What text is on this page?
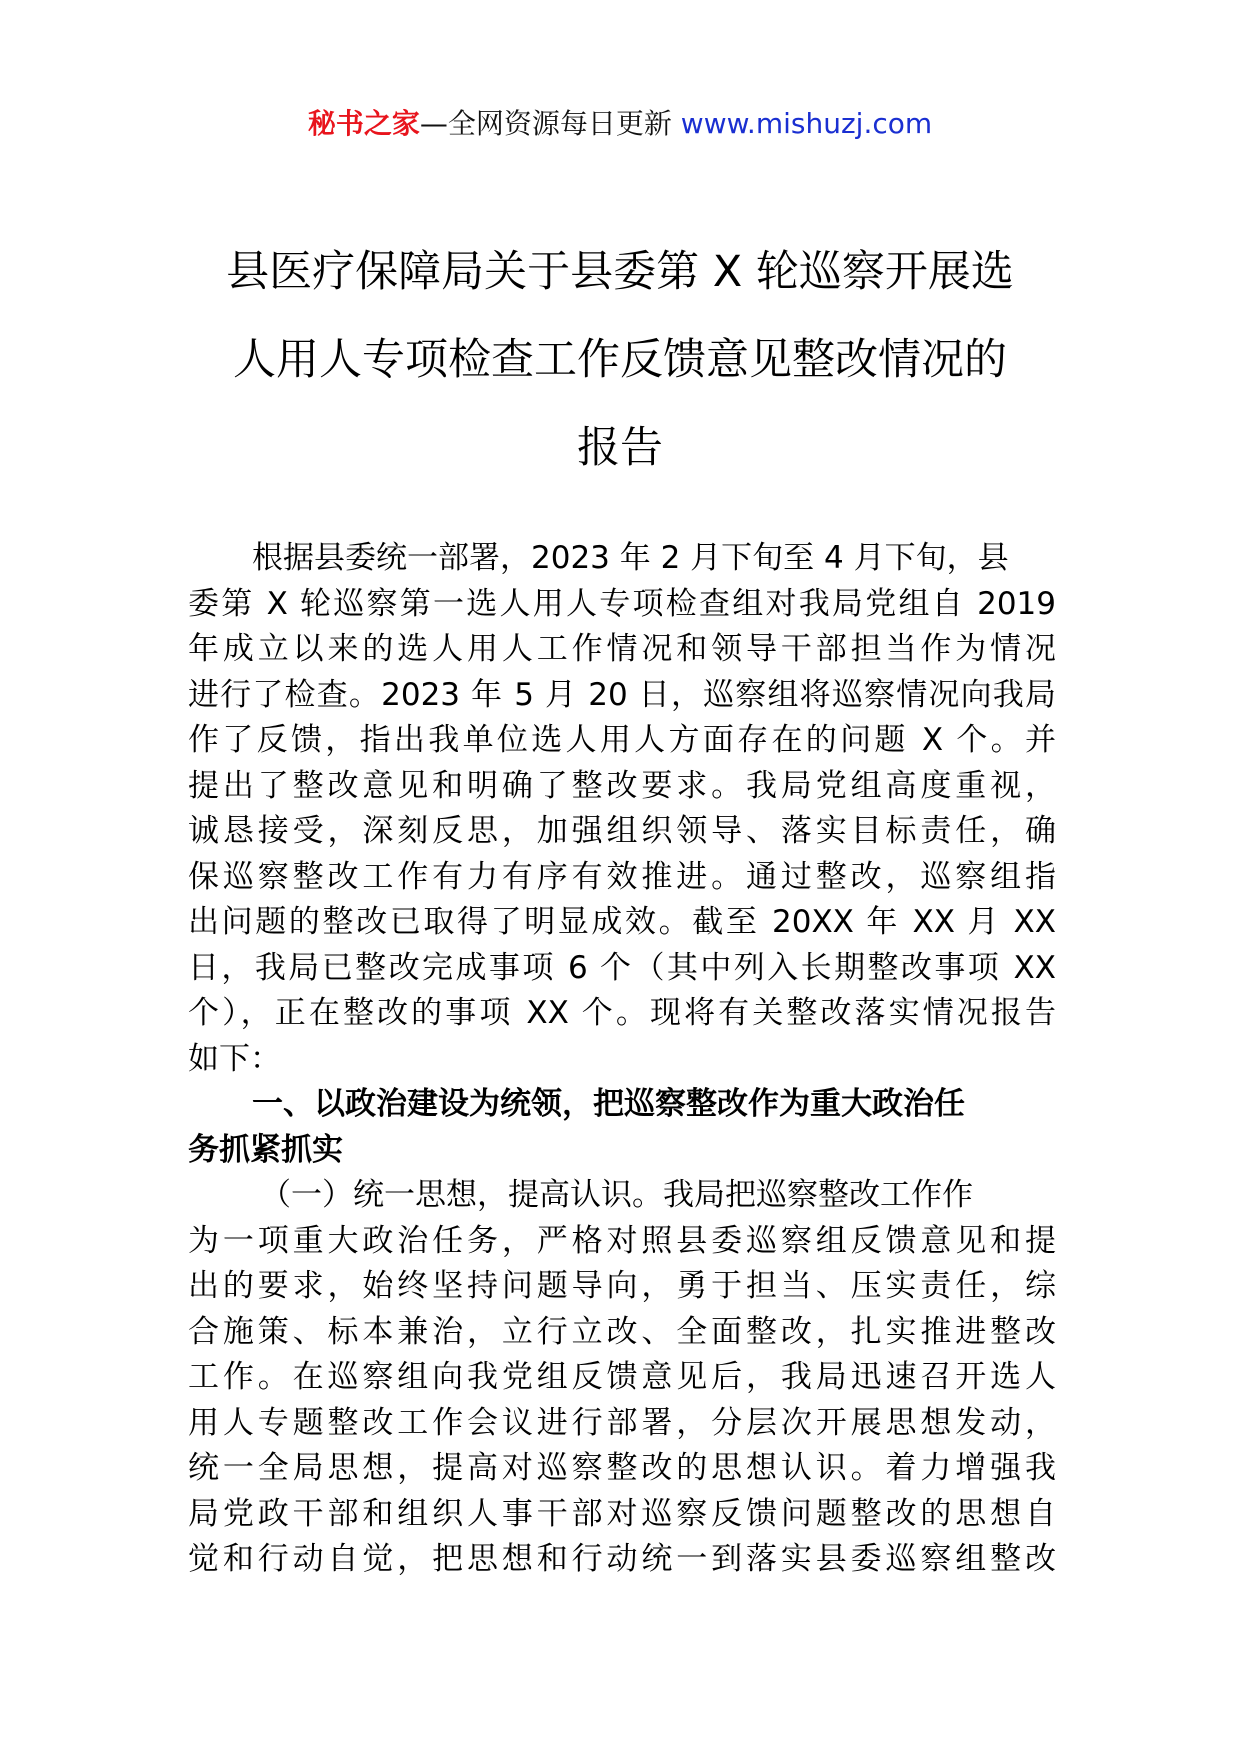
秘书之家—全网资源每日更新 www.mishuzj.com
县医疗保障局关于县委第 X 轮巡察开展选
人用人专项检查工作反馈意见整改情况的
报告
根据县委统一部署，2023 年 2 月下旬至 4 月下旬，县
委第 X 轮巡察第一选人用人专项检查组对我局党组自 2019
年成立以来的选人用人工作情况和领导干部担当作为情况
进行了检查。2023 年 5 月 20 日，巡察组将巡察情况向我局
作了反馈，指出我单位选人用人方面存在的问题 X 个。并
提出了整改意见和明确了整改要求。我局党组高度重视，
诚恳接受，深刻反思，加强组织领导、落实目标责任，确
保巡察整改工作有力有序有效推进。通过整改，巡察组指
出问题的整改已取得了明显成效。截至 20XX 年 XX 月 XX
日，我局已整改完成事项 6 个（其中列入长期整改事项 XX
个），正在整改的事项 XX 个。现将有关整改落实情况报告
如下：
一、以政治建设为统领，把巡察整改作为重大政治任
务抓紧抓实
（一）统一思想，提高认识。我局把巡察整改工作作
为一项重大政治任务，严格对照县委巡察组反馈意见和提
出的要求，始终坚持问题导向，勇于担当、压实责任，综
合施策、标本兼治，立行立改、全面整改，扎实推进整改
工作。在巡察组向我党组反馈意见后，我局迅速召开选人
用人专题整改工作会议进行部署，分层次开展思想发动，
统一全局思想，提高对巡察整改的思想认识。着力增强我
局党政干部和组织人事干部对巡察反馈问题整改的思想自
觉和行动自觉，把思想和行动统一到落实县委巡察组整改
